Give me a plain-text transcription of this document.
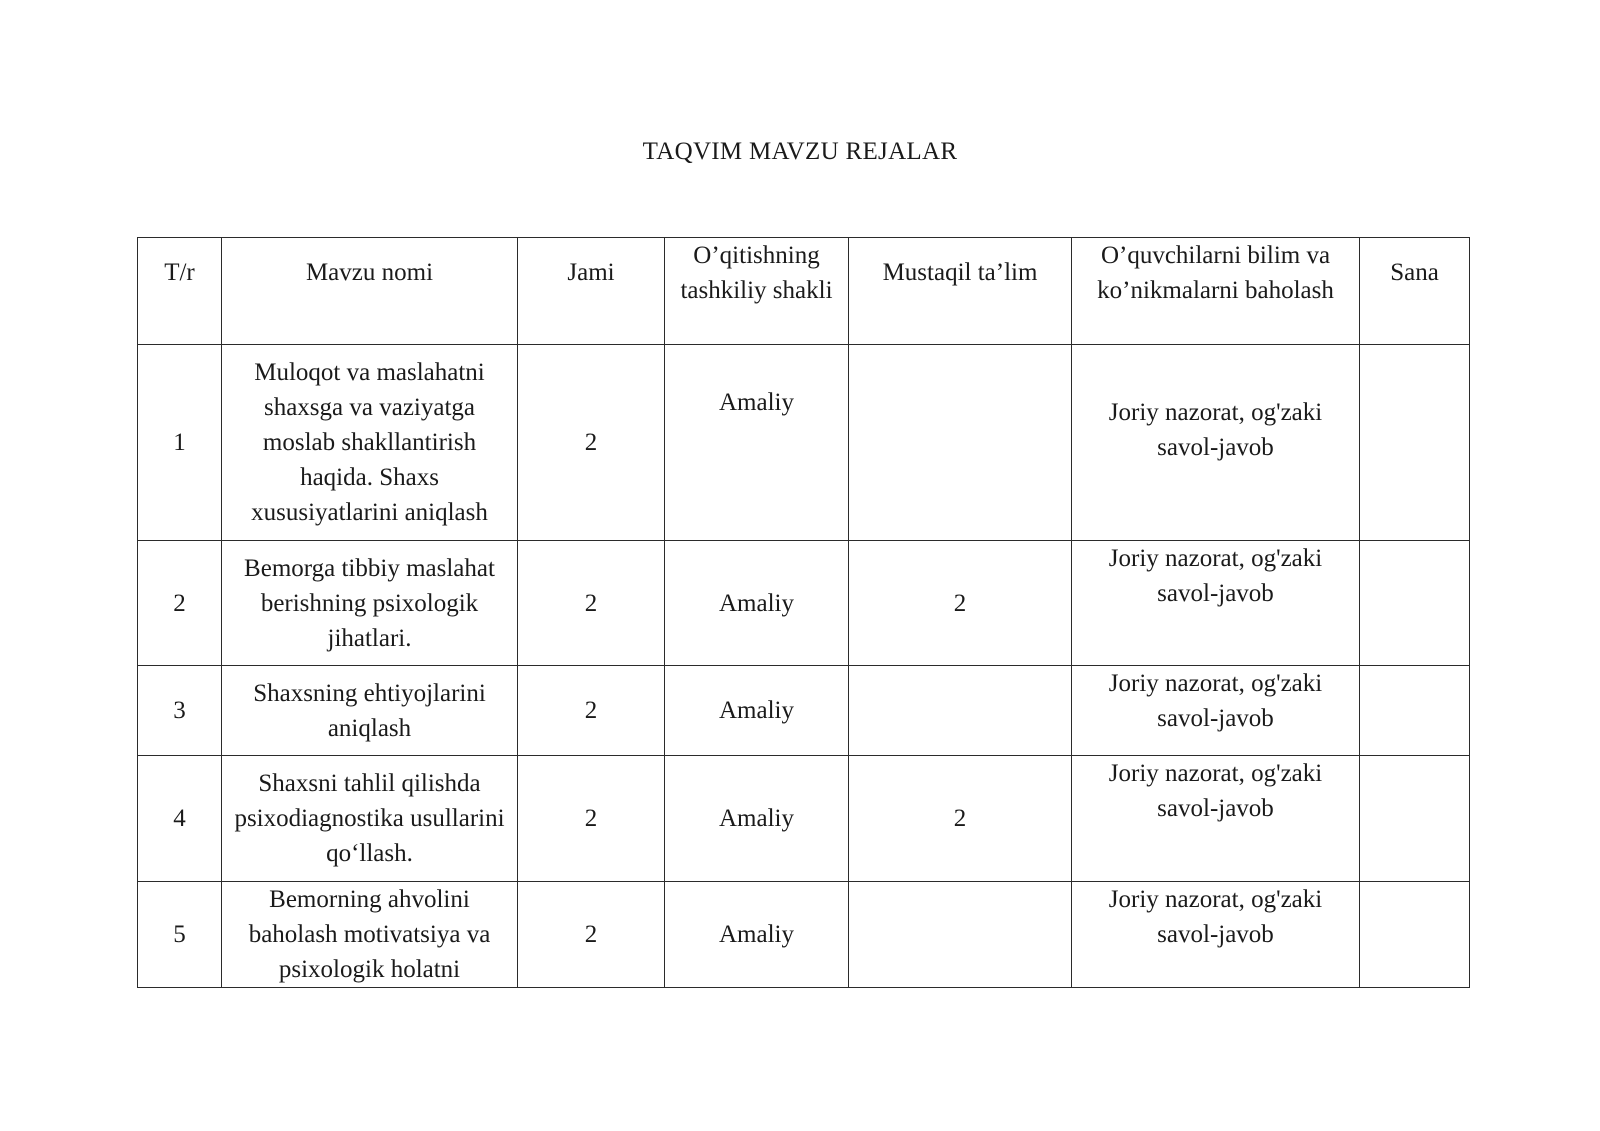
TAQVIM MAVZU REJALAR
T/r	Mavzu nomi	Jami	O’qitishning tashkiliy shakli	Mustaqil ta’lim	O’quvchilarni bilim va ko’nikmalarni baholash	Sana
1	Muloqot va maslahatni shaxsga va vaziyatga moslab shakllantirish haqida. Shaxs xususiyatlarini aniqlash	2	Amaliy		Joriy nazorat, og'zaki savol-javob	
2	Bemorga tibbiy maslahat berishning psixologik jihatlari.	2	Amaliy	2	Joriy nazorat, og'zaki savol-javob	
3	Shaxsning ehtiyojlarini aniqlash	2	Amaliy		Joriy nazorat, og'zaki savol-javob	
4	Shaxsni tahlil qilishda psixodiagnostika usullarini qo‘llash.	2	Amaliy	2	Joriy nazorat, og'zaki savol-javob	
5	Bemorning ahvolini baholash motivatsiya va psixologik holatni	2	Amaliy		Joriy nazorat, og'zaki savol-javob	
